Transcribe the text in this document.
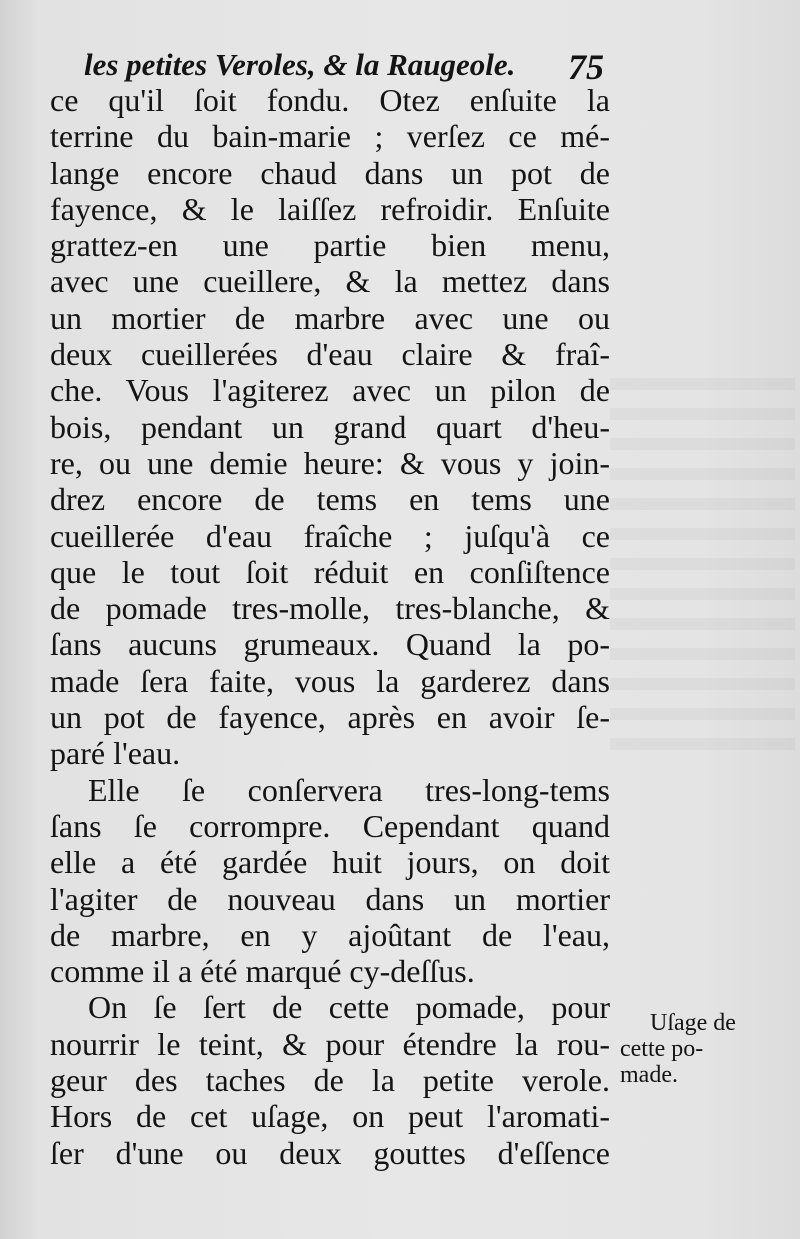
les petites Veroles, & la Raugeole. 75
ce qu'il ſoit fondu. Otez enſuite la
terrine du bain-marie ; verſez ce mé-
lange encore chaud dans un pot de
fayence, & le laiſſez refroidir. Enſuite
grattez-en une partie bien menu,
avec une cueillere, & la mettez dans
un mortier de marbre avec une ou
deux cueillerées d'eau claire & fraî-
che. Vous l'agiterez avec un pilon de
bois, pendant un grand quart d'heu-
re, ou une demie heure: & vous y join-
drez encore de tems en tems une
cueillerée d'eau fraîche ; juſqu'à ce
que le tout ſoit réduit en conſiſtence
de pomade tres-molle, tres-blanche, &
ſans aucuns grumeaux. Quand la po-
made ſera faite, vous la garderez dans
un pot de fayence, après en avoir ſe-
paré l'eau.
Elle ſe conſervera tres-long-tems
ſans ſe corrompre. Cependant quand
elle a été gardée huit jours, on doit
l'agiter de nouveau dans un mortier
de marbre, en y ajoûtant de l'eau,
comme il a été marqué cy-deſſus.
On ſe ſert de cette pomade, pour
nourrir le teint, & pour étendre la rou-
geur des taches de la petite verole.
Hors de cet uſage, on peut l'aromati-
ſer d'une ou deux gouttes d'eſſence
Uſage de
cette po-
made.
